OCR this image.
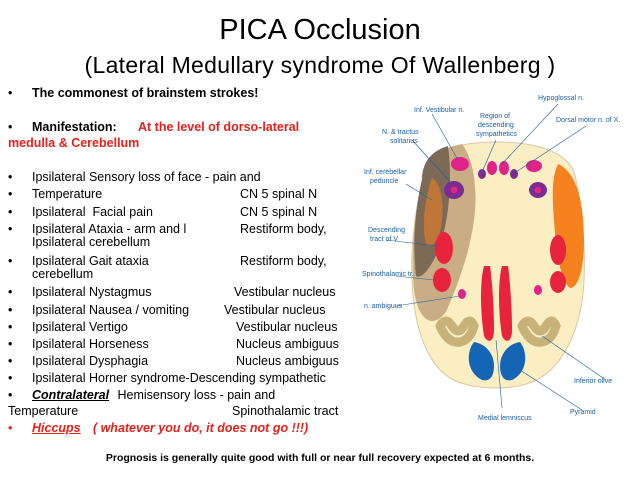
PICA Occlusion
(Lateral Medullary syndrome Of Wallenberg )
• The commonest of brainstem strokes!
• Manifestation: At the level of dorso-lateral
medulla & Cerebellum
• Ipsilateral Sensory loss of face - pain and
• Temperature	CN 5 spinal N
• Ipsilateral  Facial pain	CN 5 spinal N
• Ipsilateral Ataxia - arm and l	Restiform body,
Ipsilateral cerebellum
• Ipsilateral Gait ataxia	Restiform body,
cerebellum
• Ipsilateral Nystagmus	Vestibular nucleus
• Ipsilateral Nausea / vomiting	Vestibular nucleus
• Ipsilateral Vertigo	Vestibular nucleus
• Ipsilateral Horseness	Nucleus ambiguus
• Ipsilateral Dysphagia	Nucleus ambiguus
• Ipsilateral Horner syndrome-Descending sympathetic
• Contralateral Hemisensory loss - pain and
Temperature	Spinothalamic tract
• Hiccups ( whatever you do, it does not go !!!)
Inf. Vestibular n.
Region of
descending
sympathetics
Hypoglossal n.
Dorsal motor n. of X.
N. & tractus
solitarius
Inf. cerebellar
peduncle
Descending
tract of V
Spinothalamic tr.
n. ambiguus
Inferior olive
Pyramid
Medial lemniscus
Prognosis is generally quite good with full or near full recovery expected at 6 months.
